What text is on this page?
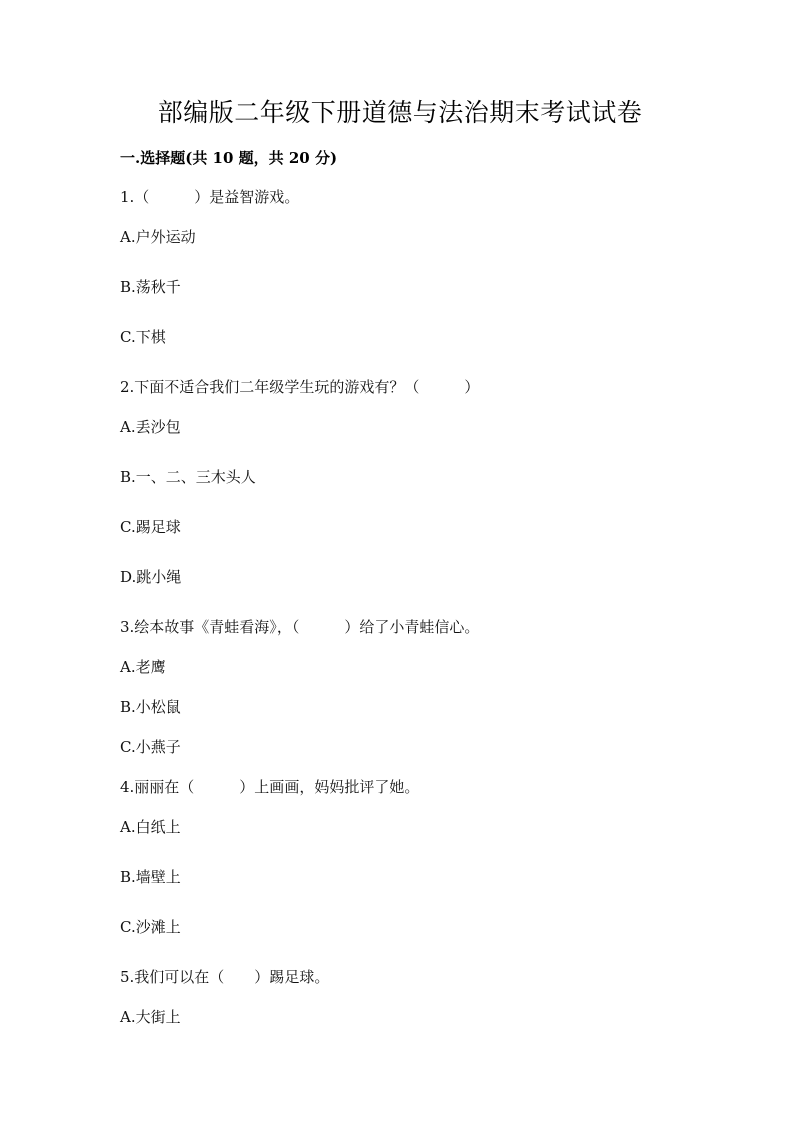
部编版二年级下册道德与法治期末考试试卷
一.选择题(共 10 题，共 20 分)
1.（　　　）是益智游戏。
A.户外运动
B.荡秋千
C.下棋
2.下面不适合我们二年级学生玩的游戏有？（　　　）
A.丢沙包
B.一、二、三木头人
C.踢足球
D.跳小绳
3.绘本故事《青蛙看海》，（　　　）给了小青蛙信心。
A.老鹰
B.小松鼠
C.小燕子
4.丽丽在（　　　）上画画，妈妈批评了她。
A.白纸上
B.墙壁上
C.沙滩上
5.我们可以在（　　）踢足球。
A.大街上
